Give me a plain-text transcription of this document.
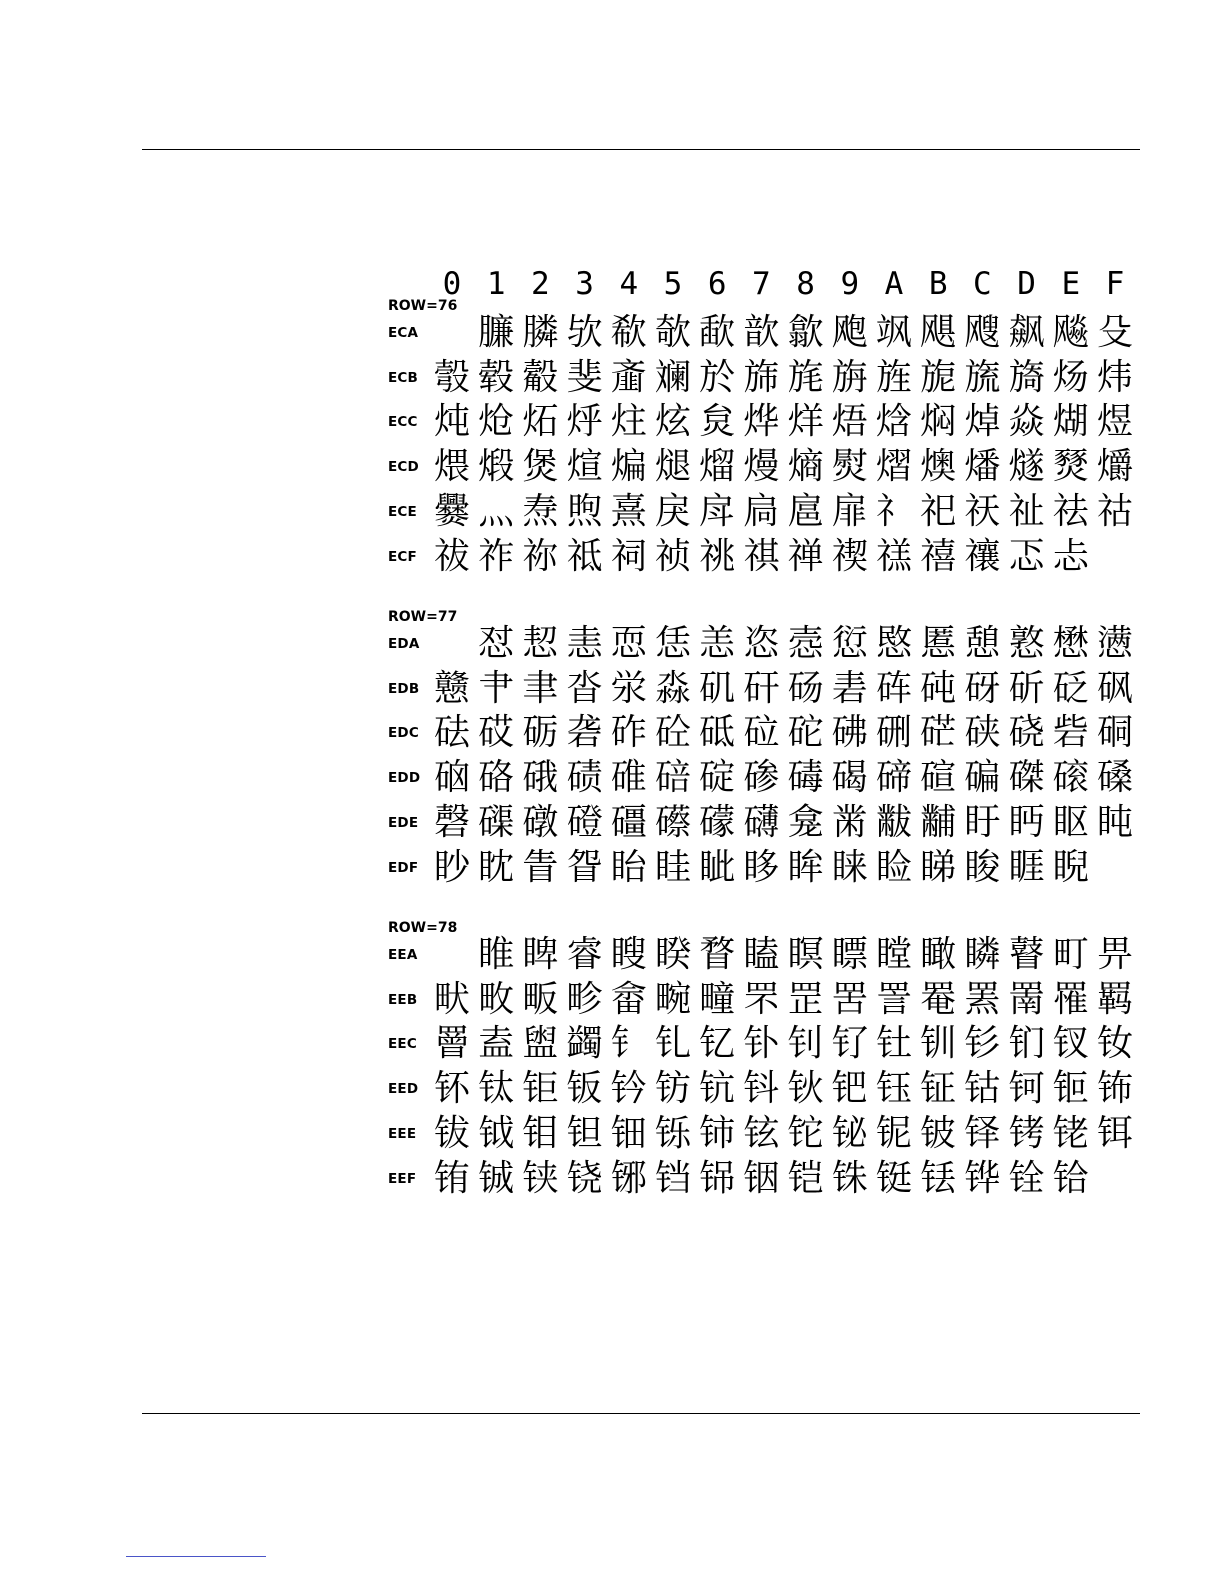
0 1 2 3 4 5 6 7 8 9 A B C D E F
ROW=76
ECA 臁 膦 欤 欷 欹 歃 歆 歙 飑 飒 飓 飕 飙 飚 殳
ECB 彀 毂 觳 斐 齑 斓 於 旆 旄 旃 旌 旎 旒 旖 炀 炜
ECC 炖 炝 炻 烀 炷 炫 炱 烨 烊 焐 焓 焖 焯 焱 煳 煜
ECD 煨 煅 煲 煊 煸 煺 熘 熳 熵 熨 熠 燠 燔 燧 燹 爝
ECE 爨 灬 焘 煦 熹 戾 戽 扃 扈 扉 礻 祀 祆 祉 祛 祜
ECF 祓 祚 祢 祗 祠 祯 祧 祺 禅 禊 禚 禧 禳 忑 忐
ROW=77
EDA 怼 恝 恚 恧 恁 恙 恣 悫 愆 愍 慝 憩 憝 懋 懑
EDB 戆 肀 聿 沓 泶 淼 矶 矸 砀 砉 砗 砘 砑 斫 砭 砜
EDC 砝 砹 砺 砻 砟 砼 砥 砬 砣 砩 硎 硭 硖 硗 砦 硐
EDD 硇 硌 硪 碛 碓 碚 碇 碜 碡 碣 碲 碹 碥 磔 磙 磉
EDE 磬 磲 礅 磴 礓 礤 礞 礴 龛 黹 黻 黼 盱 眄 眍 盹
EDF 眇 眈 眚 眢 眙 眭 眦 眵 眸 睐 睑 睇 睃 睚 睨
ROW=78
EEA 睢 睥 睿 瞍 睽 瞀 瞌 瞑 瞟 瞠 瞰 瞵 瞽 町 畀
EEB 畎 畋 畈 畛 畲 畹 疃 罘 罡 罟 詈 罨 罴 罱 罹 羁
EEC 罾 盍 盥 蠲 钅 钆 钇 钋 钊 钌 钍 钏 钐 钔 钗 钕
EED 钚 钛 钜 钣 钤 钫 钪 钭 钬 钯 钰 钲 钴 钶 钷 钸
EEE 钹 钺 钼 钽 钿 铄 铈 铉 铊 铋 铌 铍 铎 铐 铑 铒
EEF 铕 铖 铗 铙 铘 铛 铞 铟 铠 铢 铤 铥 铧 铨 铪
